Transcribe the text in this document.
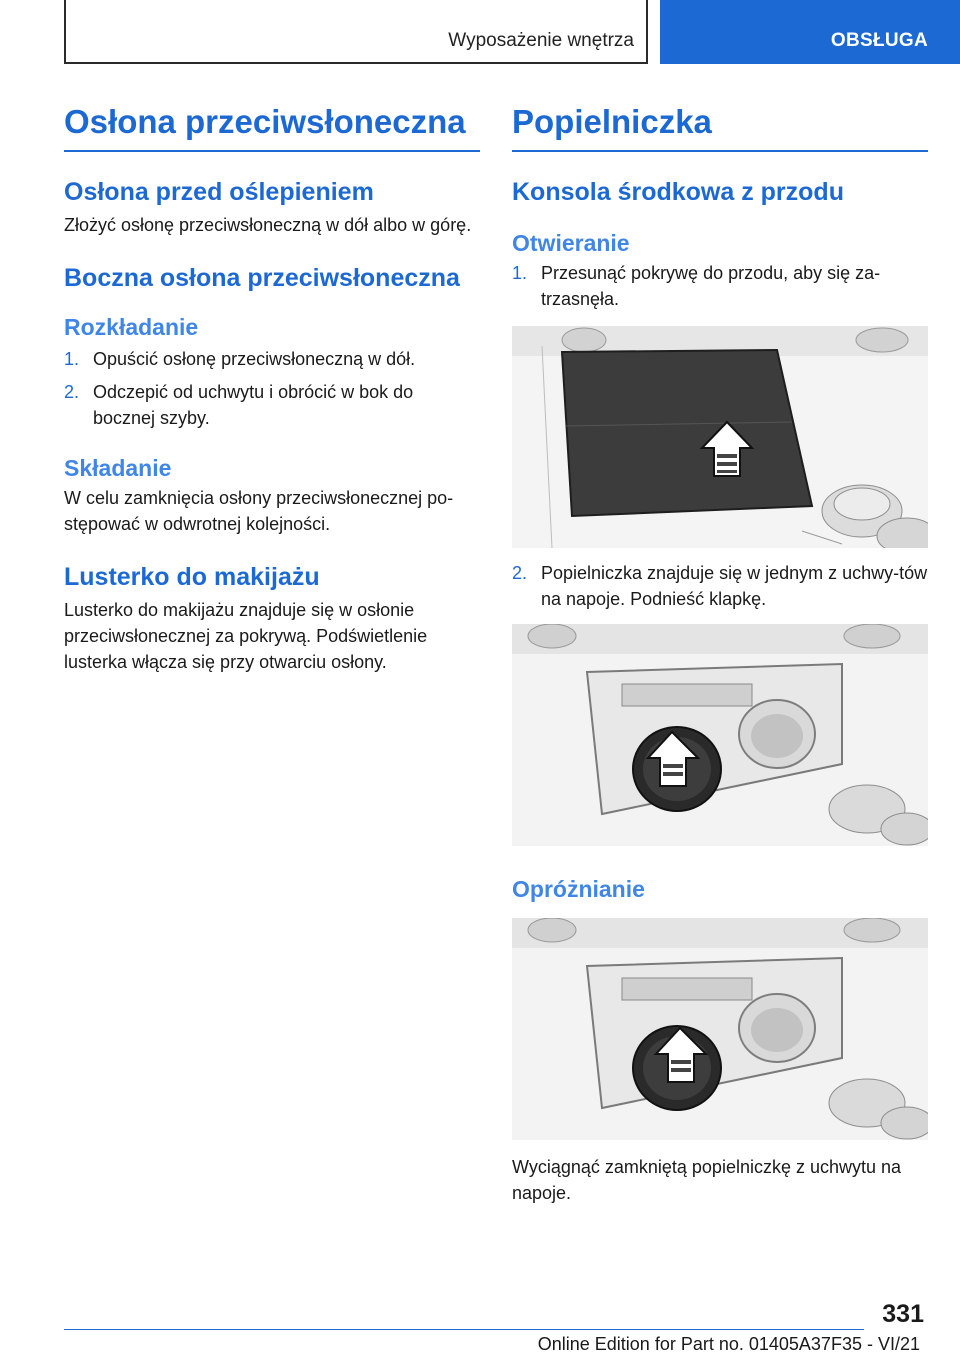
Wyposażenie wnętrza	OBSŁUGA
Osłona przeciwsłoneczna
Osłona przed oślepieniem

Złożyć osłonę przeciwsłoneczną w dół albo w górę.

Boczna osłona przeciwsłoneczna
Rozkładanie
1. Opuścić osłonę przeciwsłoneczną w dół.
2. Odczepić od uchwytu i obrócić w bok do bocznej szyby.
Składanie

W celu zamknięcia osłony przeciwsłonecznej po-stępować w odwrotnej kolejności.

Lusterko do makijażu

Lusterko do makijażu znajduje się w osłonie przeciwsłonecznej za pokrywą. Podświetlenie lusterka włącza się przy otwarciu osłony.

Popielniczka
Konsola środkowa z przodu
Otwieranie
1. Przesunąć pokrywę do przodu, aby się za-trzasnęła.
2. Popielniczka znajduje się w jednym z uchwy-tów na napoje. Podnieść klapkę.
Opróżnianie

Wyciągnąć zamkniętą popielniczkę z uchwytu na napoje.

331
Online Edition for Part no. 01405A37F35 - VI/21
